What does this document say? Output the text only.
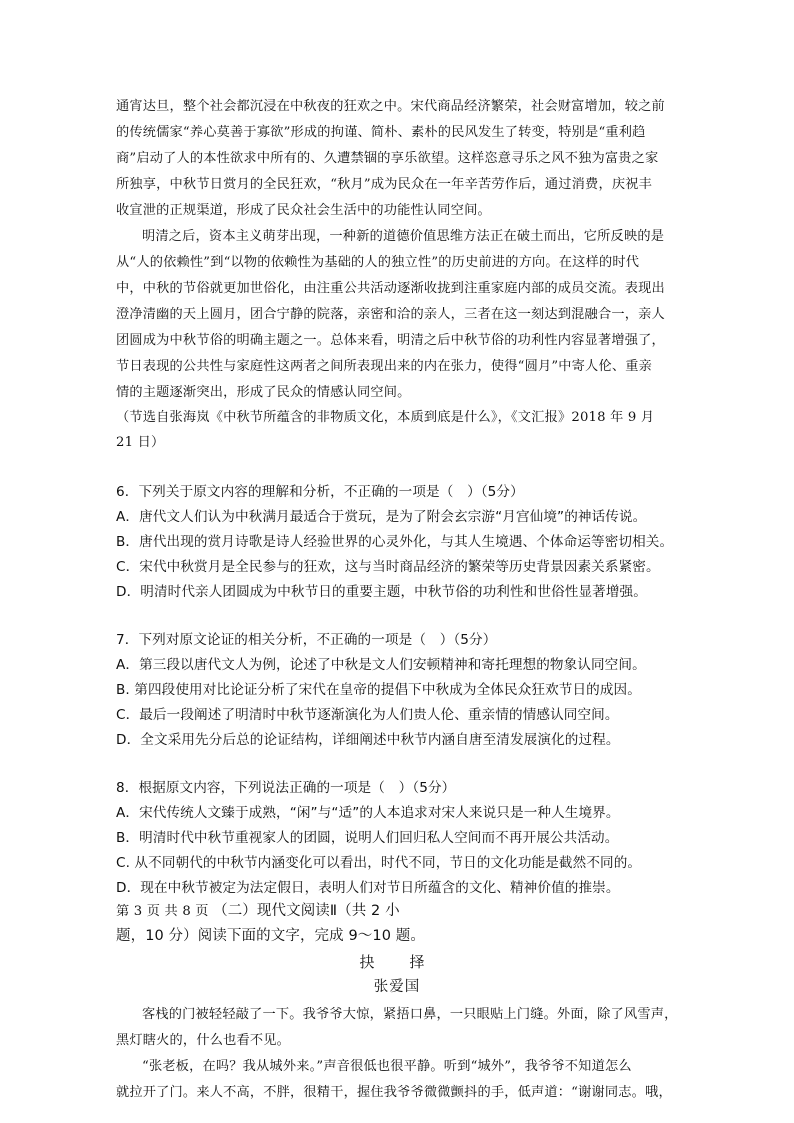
通宵达旦，整个社会都沉浸在中秋夜的狂欢之中。宋代商品经济繁荣，社会财富增加，较之前
的传统儒家“养心莫善于寡欲”形成的拘谨、简朴、素朴的民风发生了转变，特别是“重利趋
商”启动了人的本性欲求中所有的、久遭禁锢的享乐欲望。这样恣意寻乐之风不独为富贵之家
所独享，中秋节日赏月的全民狂欢，“秋月”成为民众在一年辛苦劳作后，通过消费，庆祝丰
收宣泄的正规渠道，形成了民众社会生活中的功能性认同空间。
明清之后，资本主义萌芽出现，一种新的道德价值思维方法正在破土而出，它所反映的是
从“人的依赖性”到“以物的依赖性为基础的人的独立性”的历史前进的方向。在这样的时代
中，中秋的节俗就更加世俗化，由注重公共活动逐渐收拢到注重家庭内部的成员交流。表现出
澄净清幽的天上圆月，团合宁静的院落，亲密和洽的亲人，三者在这一刻达到混融合一，亲人
团圆成为中秋节俗的明确主题之一。总体来看，明清之后中秋节俗的功利性内容显著增强了，
节日表现的公共性与家庭性这两者之间所表现出来的内在张力，使得“圆月”中寄人伦、重亲
情的主题逐渐突出，形成了民众的情感认同空间。
（节选自张海岚《中秋节所蕴含的非物质文化，本质到底是什么》，《文汇报》2018 年 9 月
21 日）
6．下列关于原文内容的理解和分析，不正确的一项是（　）（5分）
A．唐代文人们认为中秋满月最适合于赏玩，是为了附会玄宗游“月宫仙境”的神话传说。
B．唐代出现的赏月诗歌是诗人经验世界的心灵外化，与其人生境遇、个体命运等密切相关。
C．宋代中秋赏月是全民参与的狂欢，这与当时商品经济的繁荣等历史背景因素关系紧密。
D．明清时代亲人团圆成为中秋节日的重要主题，中秋节俗的功利性和世俗性显著增强。
7．下列对原文论证的相关分析，不正确的一项是（　）（5分）
A．第三段以唐代文人为例，论述了中秋是文人们安顿精神和寄托理想的物象认同空间。
B. 第四段使用对比论证分析了宋代在皇帝的提倡下中秋成为全体民众狂欢节日的成因。
C．最后一段阐述了明清时中秋节逐渐演化为人们贵人伦、重亲情的情感认同空间。
D．全文采用先分后总的论证结构，详细阐述中秋节内涵自唐至清发展演化的过程。
8．根据原文内容，下列说法正确的一项是（　）（5分）
A．宋代传统人文臻于成熟，“闲”与“适”的人本追求对宋人来说只是一种人生境界。
B．明清时代中秋节重视家人的团圆，说明人们回归私人空间而不再开展公共活动。
C. 从不同朝代的中秋节内涵变化可以看出，时代不同，节日的文化功能是截然不同的。
D．现在中秋节被定为法定假日，表明人们对节日所蕴含的文化、精神价值的推崇。
第 3 页 共 8 页 （二）现代文阅读Ⅱ（共 2 小
题，10 分）阅读下面的文字，完成 9～10 题。
抉　择
张爱国
客栈的门被轻轻敲了一下。我爷爷大惊，紧捂口鼻，一只眼贴上门缝。外面，除了风雪声，
黑灯瞎火的，什么也看不见。
“张老板，在吗？我从城外来。”声音很低也很平静。听到“城外”，我爷爷不知道怎么
就拉开了门。来人不高，不胖，很精干，握住我爷爷微微颤抖的手，低声道：“谢谢同志。哦，
